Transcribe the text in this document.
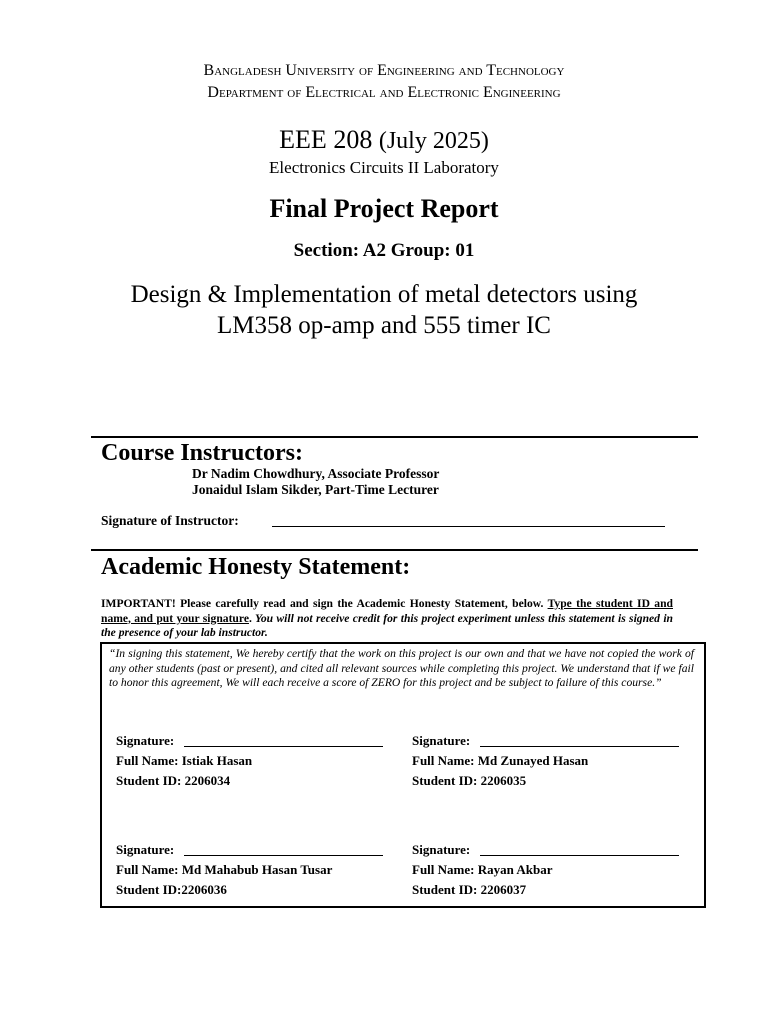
Bangladesh University of Engineering and Technology
Department of Electrical and Electronic Engineering
EEE 208 (July 2025)
Electronics Circuits II Laboratory
Final Project Report
Section: A2 Group: 01
Design & Implementation of metal detectors using
LM358 op-amp and 555 timer IC
Course Instructors:
Dr Nadim Chowdhury, Associate Professor
Jonaidul Islam Sikder, Part-Time Lecturer
Signature of Instructor:
Academic Honesty Statement:
IMPORTANT! Please carefully read and sign the Academic Honesty Statement, below. Type the student ID and name, and put your signature. You will not receive credit for this project experiment unless this statement is signed in the presence of your lab instructor.
“In signing this statement, We hereby certify that the work on this project is our own and that we have not copied the work of any other students (past or present), and cited all relevant sources while completing this project. We understand that if we fail to honor this agreement, We will each receive a score of ZERO for this project and be subject to failure of this course.”
Signature:
Full Name: Istiak Hasan
Student ID: 2206034
Signature:
Full Name: Md Zunayed Hasan
Student ID: 2206035
Signature:
Full Name: Md Mahabub Hasan Tusar
Student ID:2206036
Signature:
Full Name: Rayan Akbar
Student ID: 2206037
